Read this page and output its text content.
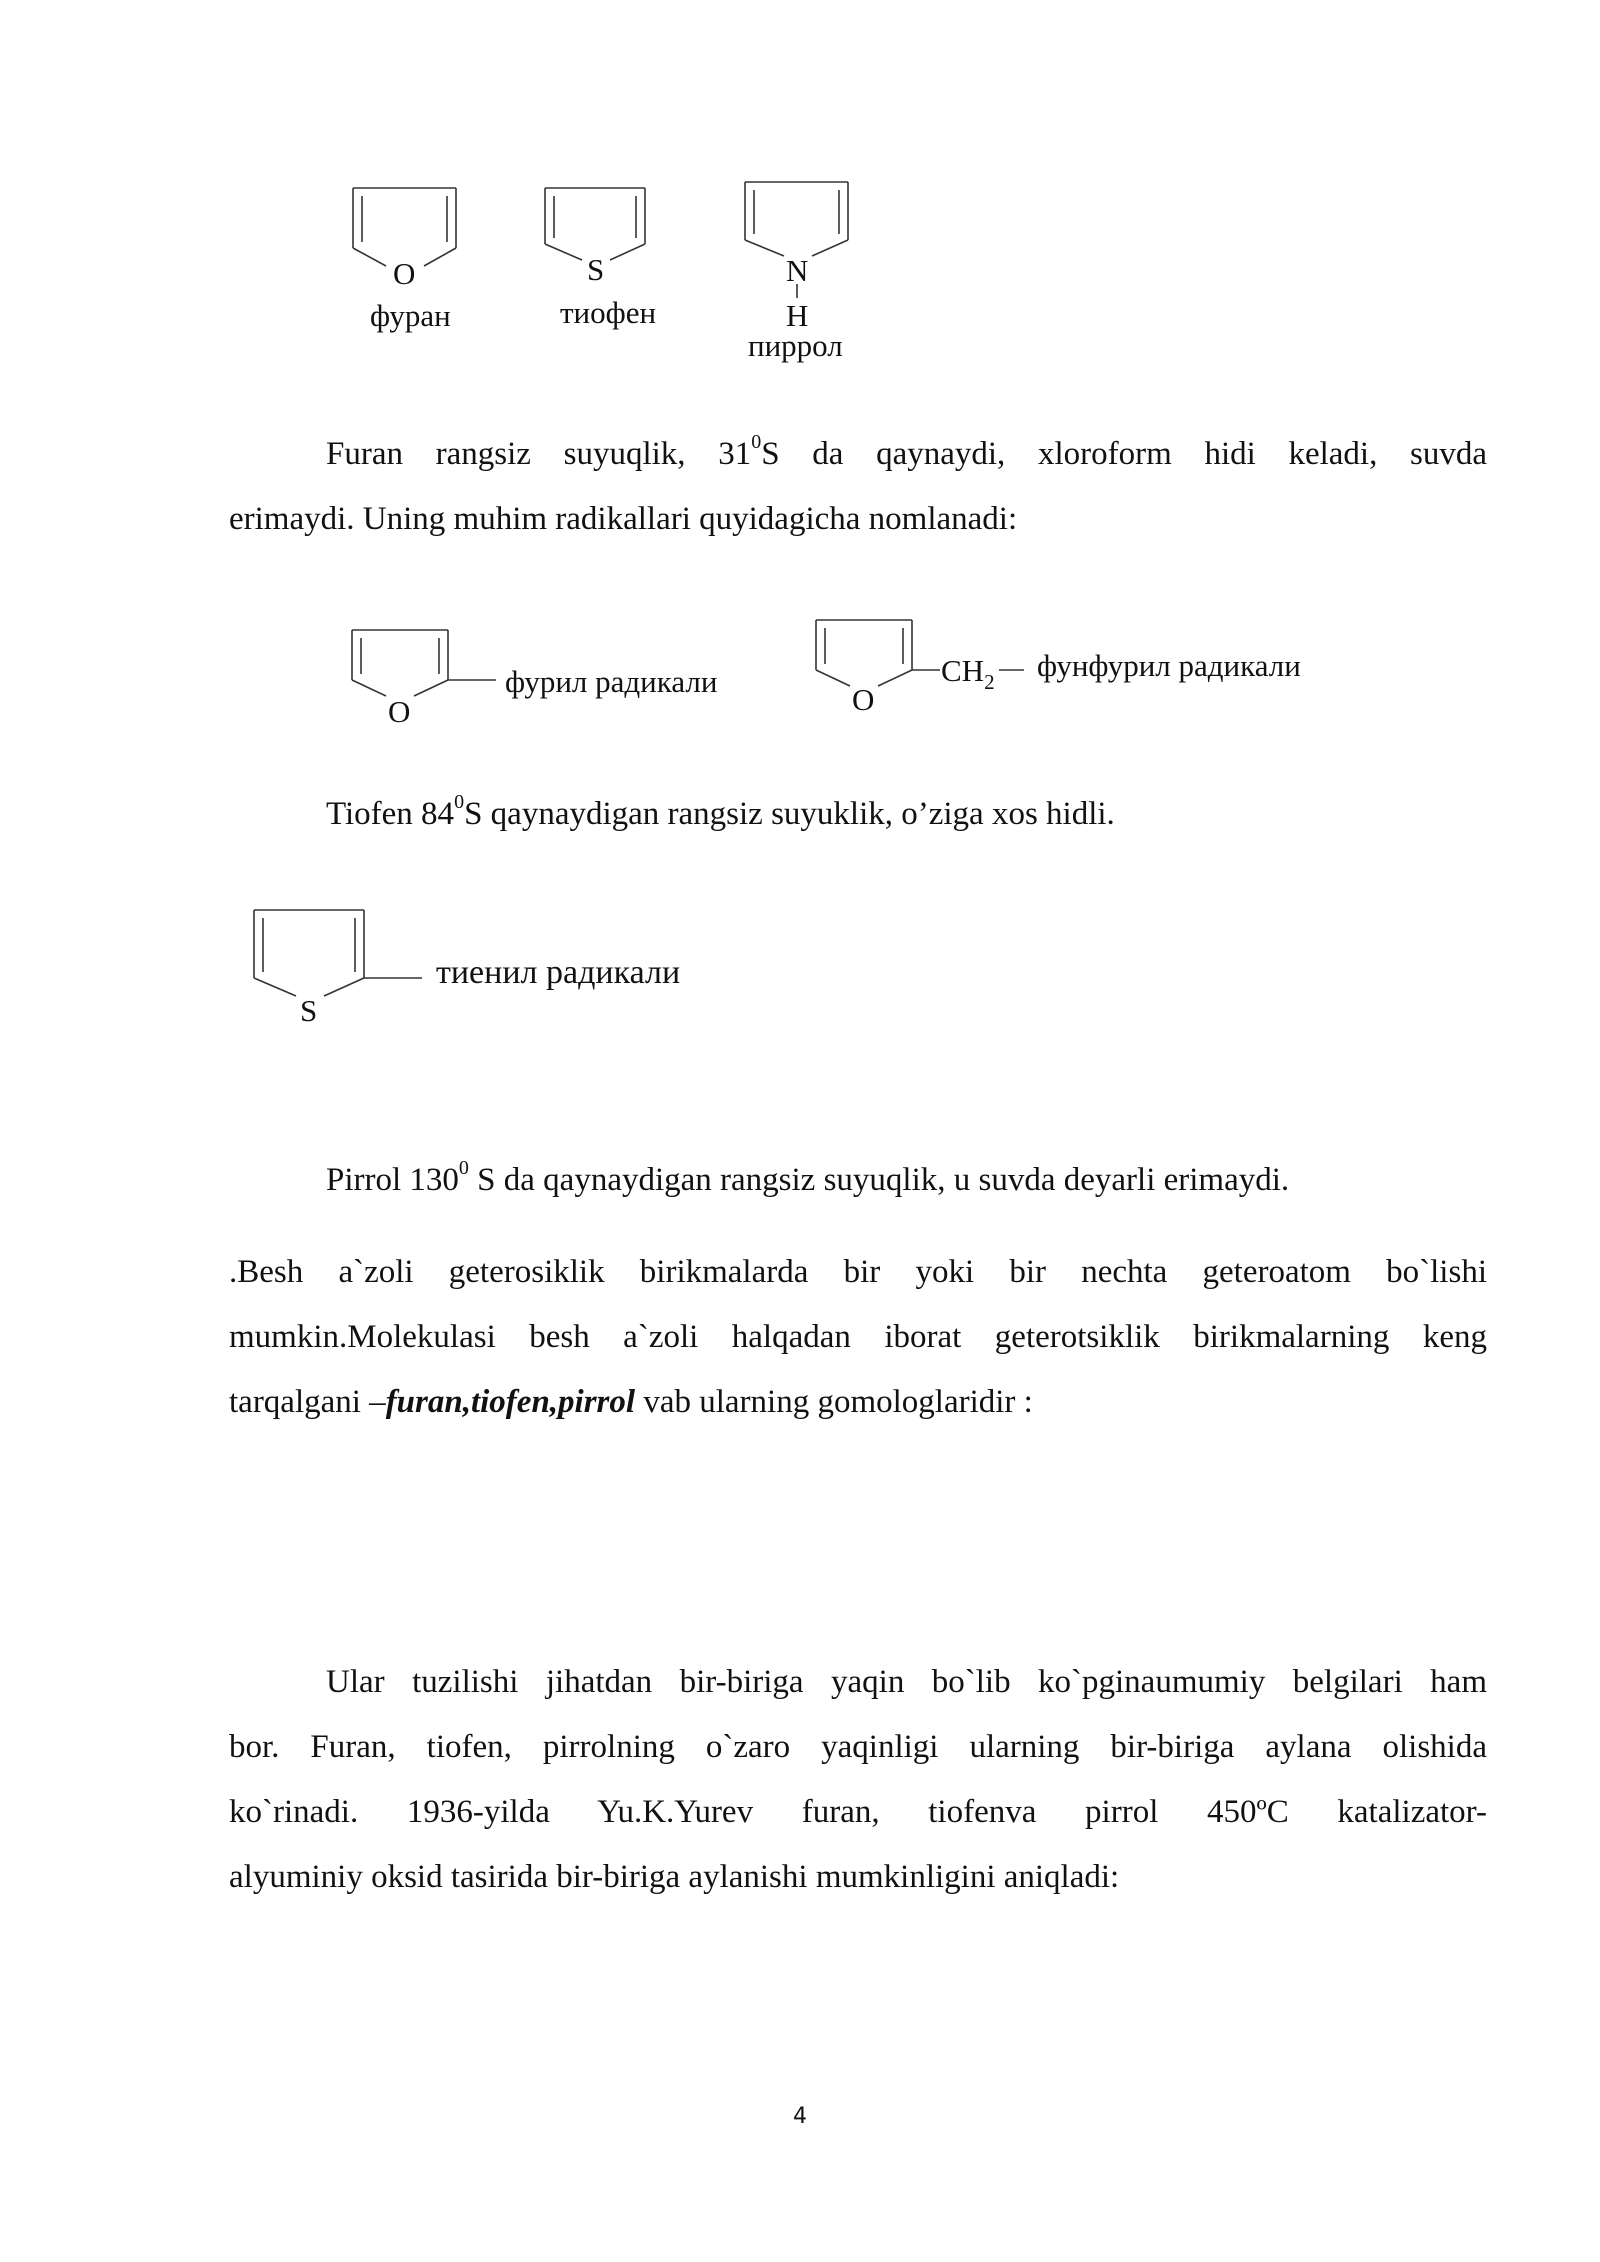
O
фуран
S
тиофен
N
H
пиррол
Furan rangsiz suyuqlik, $31^0S$ da qaynaydi, xloroform hidi keladi, suvda
erimaydi. Uning muhim radikallari quyidagicha nomlanadi:
O
фурил радикали
O
$CH_2$ фунфурил радикали
Tiofen $84^0S$ qaynaydigan rangsiz suyuklik, o’ziga xos hidli.
S
тиенил радикали
Pirrol $130^0$ S da qaynaydigan rangsiz suyuqlik, u suvda deyarli erimaydi.
.Besh a`zoli geterosiklik birikmalarda bir yoki bir nechta geteroatom bo`lishi
mumkin.Molekulasi besh a`zoli halqadan iborat geterotsiklik birikmalarning keng
tarqalgani –furan,tiofen,pirrol vab ularning gomologlaridir :
Ular tuzilishi jihatdan bir-biriga yaqin bo`lib ko`pginaumumiy belgilari ham
bor. Furan, tiofen, pirrolning o`zaro yaqinligi ularning bir-biriga aylana olishida
ko`rinadi. 1936-yilda Yu.K.Yurev furan, tiofenva pirrol 450ºC katalizator-
alyuminiy oksid tasirida bir-biriga aylanishi mumkinligini aniqladi:
4
